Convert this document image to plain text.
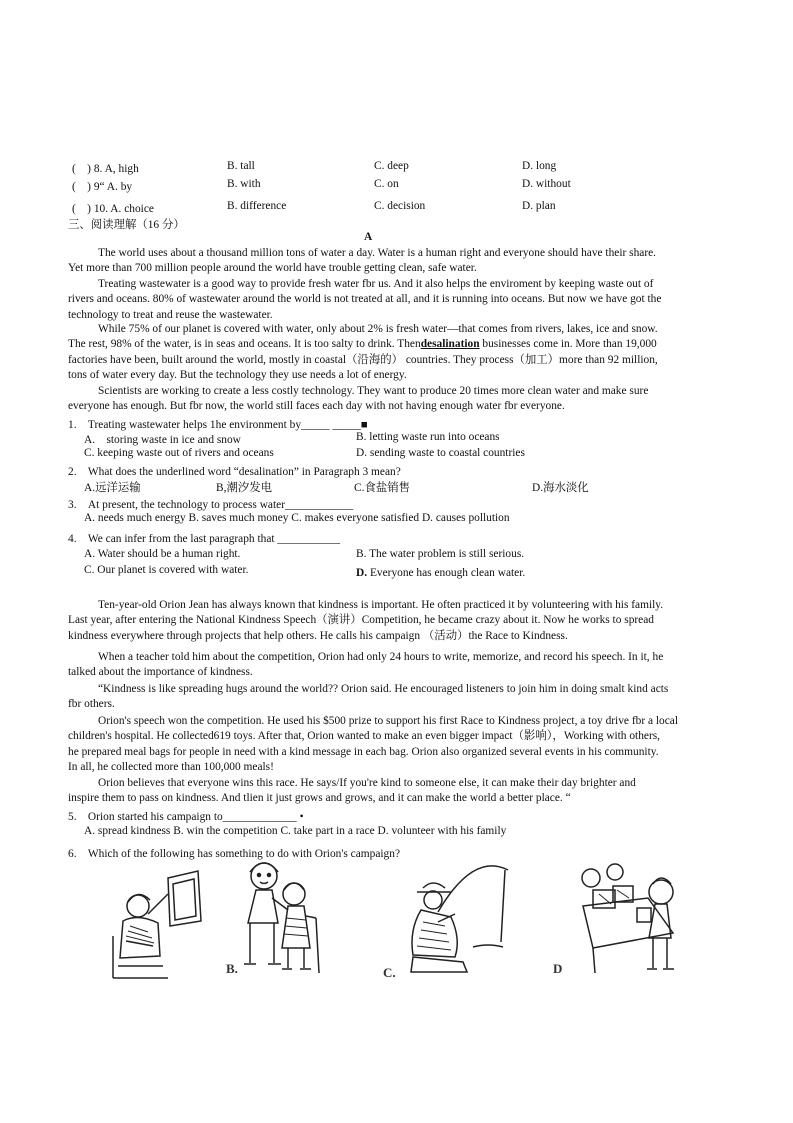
(　) 8. A, high	B. tall	C. deep	D. long
(　) 9“ A. by	B. with	C. on	D. without
(　) 10. A. choice	B. difference	C. decision	D. plan
三、阅读理解（16 分）
A
The world uses about a thousand million tons of water a day. Water is a human right and everyone should have their share.
Yet more than 700 million people around the world have trouble getting clean, safe water.
Treating wastewater is a good way to provide fresh water fbr us. And it also helps the enviroment by keeping waste out of
rivers and oceans. 80% of wastewater around the world is not treated at all, and it is running into oceans. But now we have got the
technology to treat and reuse the wastewater.
While 75% of our planet is covered with water, only about 2% is fresh water—that comes from rivers, lakes, ice and snow.
The rest, 98% of the water, is in seas and oceans. It is too salty to drink. Thendesalination businesses come in. More than 19,000
factories have been, built around the world, mostly in coastal（沿海的） countries. They process（加工）more than 92 million,
tons of water every day. But the technology they use needs a lot of energy.
Scientists are working to create a less costly technology. They want to produce 20 times more clean water and make sure
everyone has enough. But fbr now, the world still faces each day with not having enough water fbr everyone.
1.　Treating wastewater helps 1he environment by_____ _____■
A.　storing waste in ice and snow	B. letting waste run into oceans
C. keeping waste out of rivers and oceans	D. sending waste to coastal countries
2.　What does the underlined word “desalination” in Paragraph 3 mean?
A.远洋运输	B,潮汐发电	C.食盐销售	D.海水淡化
3.　At present, the technology to process water____________
A. needs much energy B. saves much money C. makes everyone satisfied D. causes pollution
4.　We can infer from the last paragraph that ___________
A. Water should be a human right.	B. The water problem is still serious.
C. Our planet is covered with water.	D. Everyone has enough clean water.
Ten-year-old Orion Jean has always known that kindness is important. He often practiced it by volunteering with his family.
Last year, after entering the National Kindness Speech（演讲）Competition, he became crazy about it. Now he works to spread
kindness everywhere through projects that help others. He calls his campaign （活动）the Race to Kindness.
When a teacher told him about the competition, Orion had only 24 hours to write, memorize, and record his speech. In it, he
talked about the importance of kindness.
“Kindness is like spreading hugs around the world?? Orion said. He encouraged listeners to join him in doing smalt kind acts
fbr others.
Orion's speech won the competition. He used his $500 prize to support his first Race to Kindness project, a toy drive fbr a local
children's hospital. He collected619 toys. After that, Orion wanted to make an even bigger impact（影响），Working with others,
he prepared meal bags for people in need with a kind message in each bag. Orion also organized several events in his community.
In all, he collected more than 100,000 meals!
Orion believes that everyone wins this race. He says/If you're kind to someone else, it can make their day brighter and
inspire them to pass on kindness. And tlien it just grows and grows, and it can make the world a better place. “
5.　Orion started his campaign to_____________ •
A. spread kindness B. win the competition C. take part in a race D. volunteer with his family
6.　Which of the following has something to do with Orion's campaign?
B.	C.	D
